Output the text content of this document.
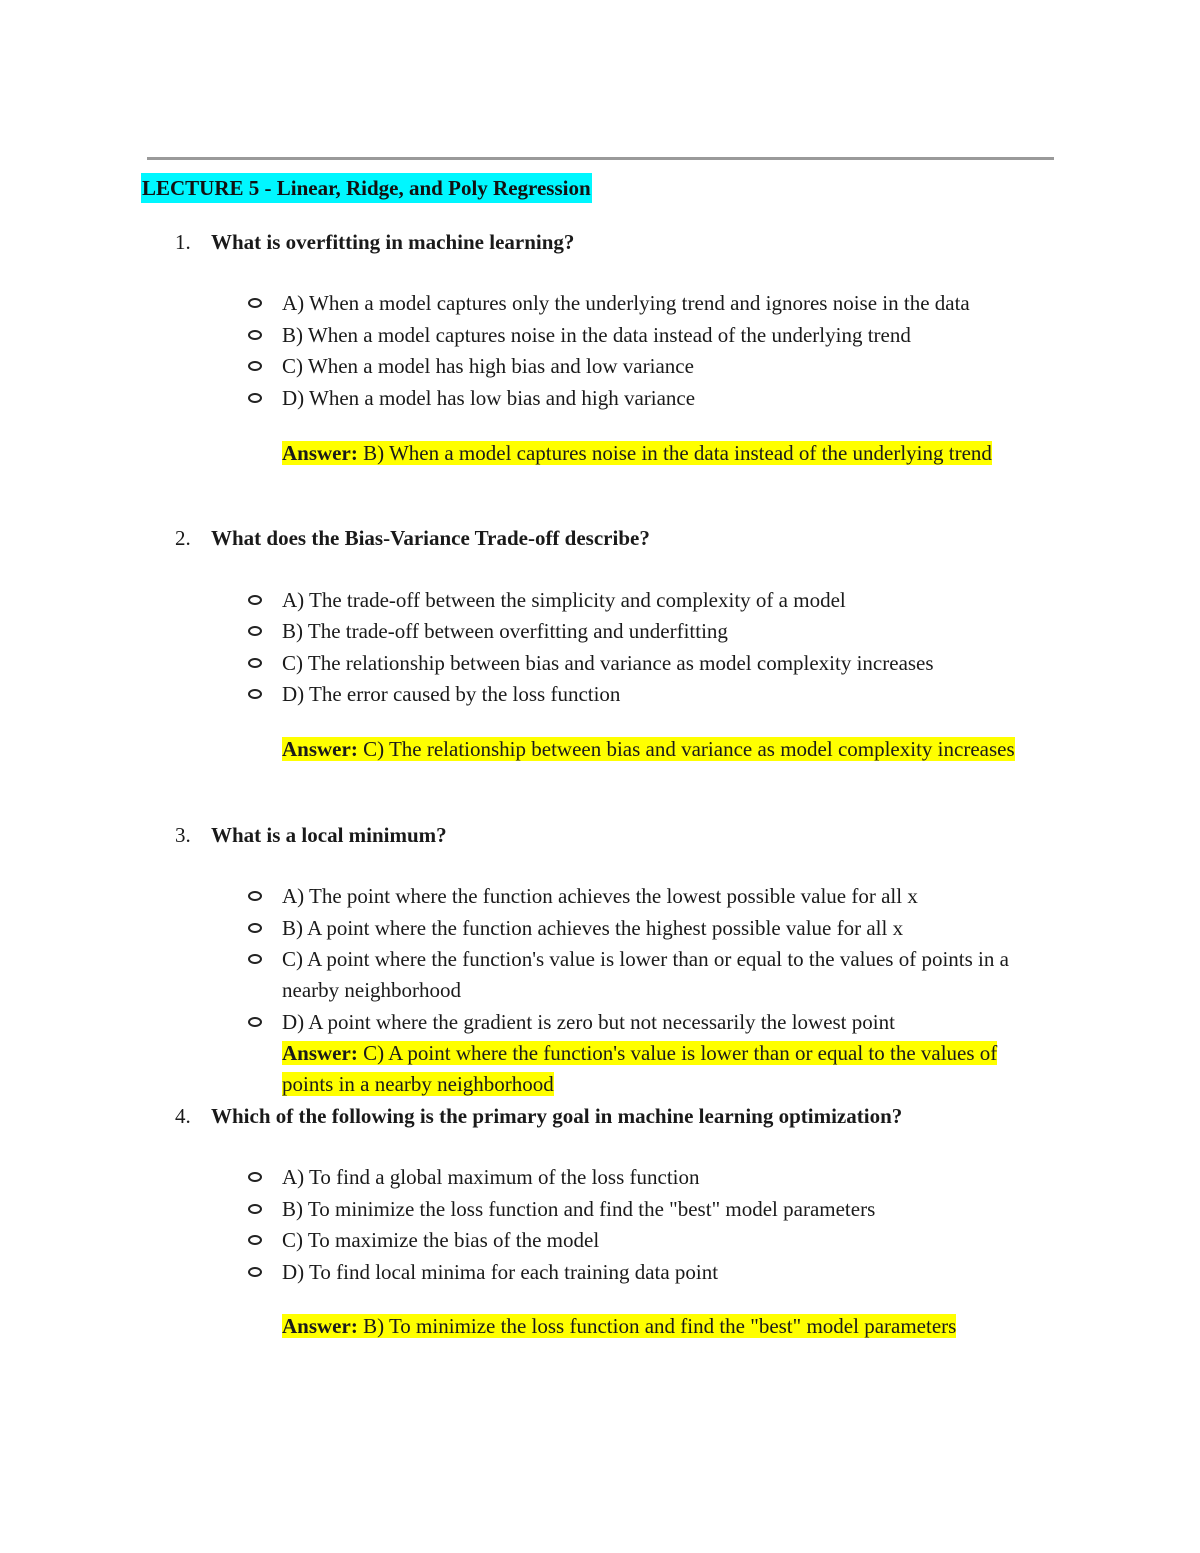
LECTURE 5 - Linear, Ridge, and Poly Regression
1. What is overfitting in machine learning?
A) When a model captures only the underlying trend and ignores noise in the data
B) When a model captures noise in the data instead of the underlying trend
C) When a model has high bias and low variance
D) When a model has low bias and high variance
Answer: B) When a model captures noise in the data instead of the underlying trend
2. What does the Bias-Variance Trade-off describe?
A) The trade-off between the simplicity and complexity of a model
B) The trade-off between overfitting and underfitting
C) The relationship between bias and variance as model complexity increases
D) The error caused by the loss function
Answer: C) The relationship between bias and variance as model complexity increases
3. What is a local minimum?
A) The point where the function achieves the lowest possible value for all x
B) A point where the function achieves the highest possible value for all x
C) A point where the function's value is lower than or equal to the values of points in a nearby neighborhood
D) A point where the gradient is zero but not necessarily the lowest point
Answer: C) A point where the function's value is lower than or equal to the values of points in a nearby neighborhood
4. Which of the following is the primary goal in machine learning optimization?
A) To find a global maximum of the loss function
B) To minimize the loss function and find the "best" model parameters
C) To maximize the bias of the model
D) To find local minima for each training data point
Answer: B) To minimize the loss function and find the "best" model parameters
